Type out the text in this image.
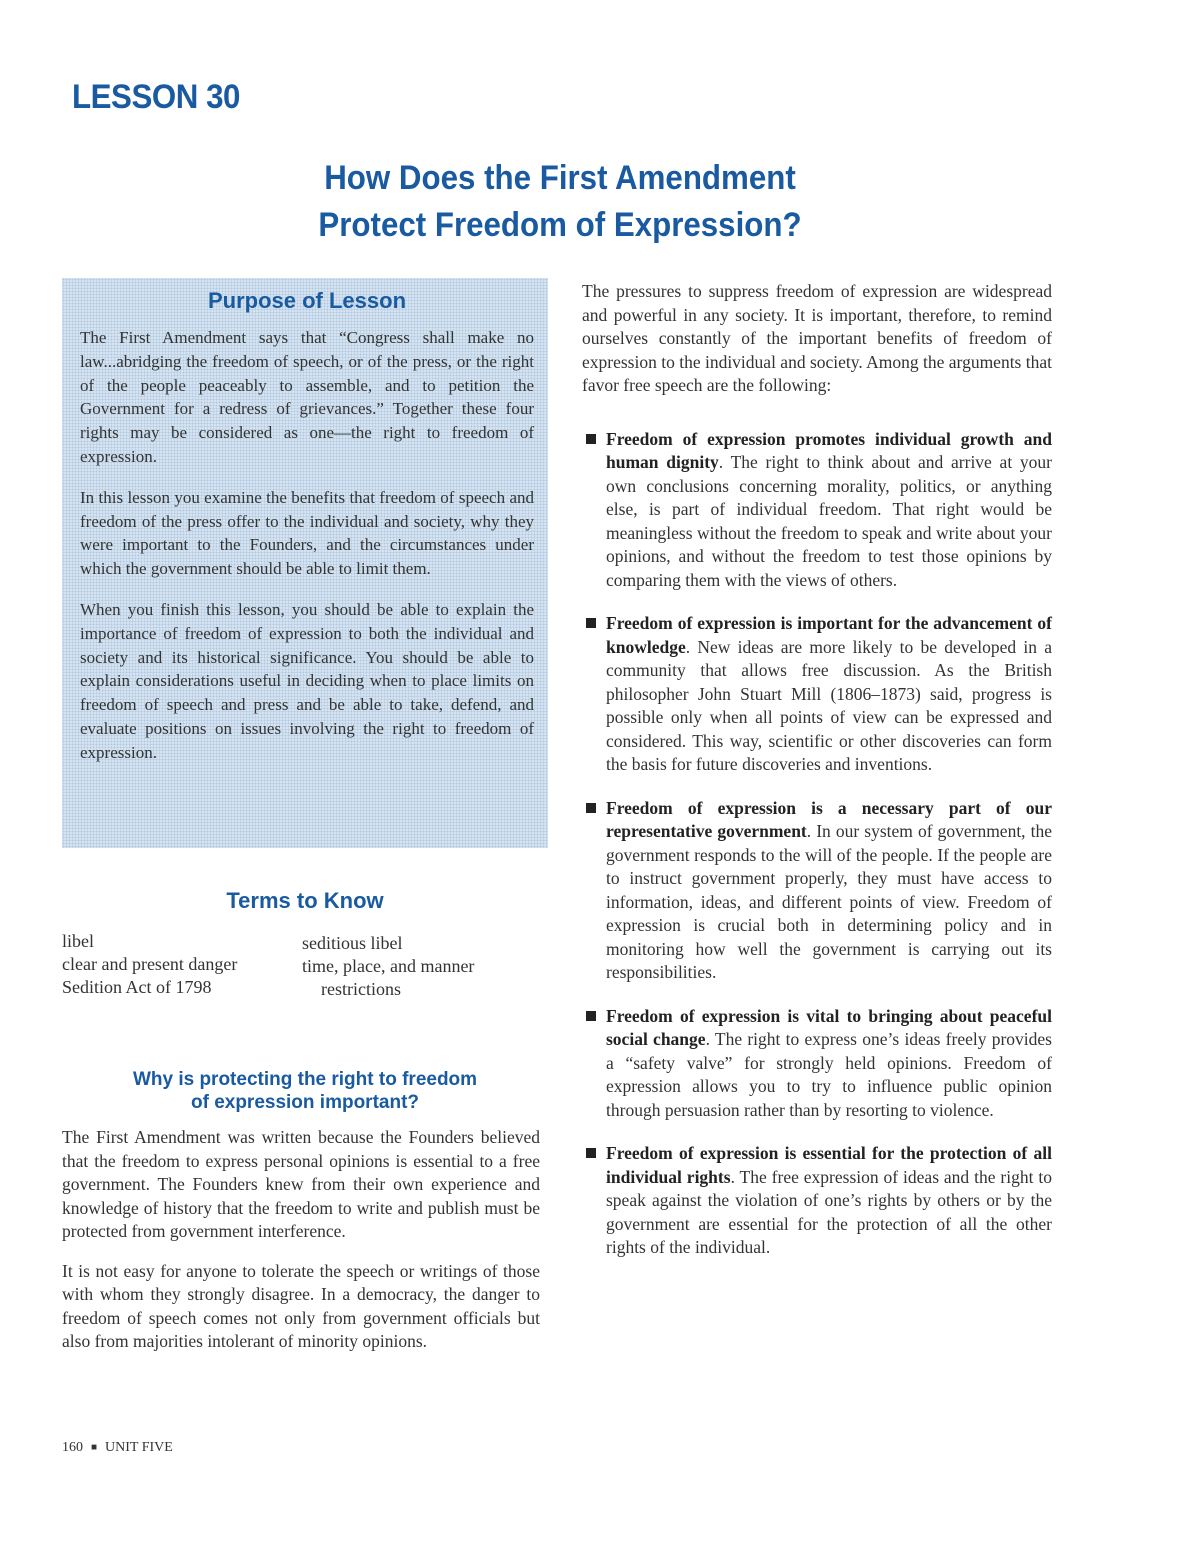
LESSON 30
How Does the First Amendment
Protect Freedom of Expression?
Purpose of Lesson

The First Amendment says that “Congress shall make no law...abridging the freedom of speech, or of the press, or the right of the people peaceably to assemble, and to petition the Government for a redress of grievances.” Together these four rights may be considered as one—the right to freedom of expression.

In this lesson you examine the benefits that freedom of speech and freedom of the press offer to the individual and society, why they were important to the Founders, and the circumstances under which the government should be able to limit them.

When you finish this lesson, you should be able to explain the importance of freedom of expression to both the individual and society and its historical significance. You should be able to explain considerations useful in deciding when to place limits on freedom of speech and press and be able to take, defend, and evaluate positions on issues involving the right to freedom of expression.

Terms to Know
libel
clear and present danger
Sedition Act of 1798
seditious libel
time, place, and manner
restrictions
Why is protecting the right to freedom
of expression important?

The First Amendment was written because the Founders believed that the freedom to express personal opinions is essential to a free government. The Founders knew from their own experience and knowledge of history that the freedom to write and publish must be protected from government interference.

It is not easy for anyone to tolerate the speech or writings of those with whom they strongly disagree. In a democracy, the danger to freedom of speech comes not only from government officials but also from majorities intolerant of minority opinions.

160 ■ UNIT FIVE

The pressures to suppress freedom of expression are widespread and powerful in any society. It is important, therefore, to remind ourselves constantly of the important benefits of freedom of expression to the individual and society. Among the arguments that favor free speech are the following:

Freedom of expression promotes individual growth and human dignity. The right to think about and arrive at your own conclusions concerning morality, politics, or anything else, is part of individual freedom. That right would be meaningless without the freedom to speak and write about your opinions, and without the freedom to test those opinions by comparing them with the views of others.
Freedom of expression is important for the advancement of knowledge. New ideas are more likely to be developed in a community that allows free discussion. As the British philosopher John Stuart Mill (1806–1873) said, progress is possible only when all points of view can be expressed and considered. This way, scientific or other discoveries can form the basis for future discoveries and inventions.
Freedom of expression is a necessary part of our representative government. In our system of government, the government responds to the will of the people. If the people are to instruct government properly, they must have access to information, ideas, and different points of view. Freedom of expression is crucial both in determining policy and in monitoring how well the government is carrying out its responsibilities.
Freedom of expression is vital to bringing about peaceful social change. The right to express one’s ideas freely provides a “safety valve” for strongly held opinions. Freedom of expression allows you to try to influence public opinion through persuasion rather than by resorting to violence.
Freedom of expression is essential for the protection of all individual rights. The free expression of ideas and the right to speak against the violation of one’s rights by others or by the government are essential for the protection of all the other rights of the individual.
